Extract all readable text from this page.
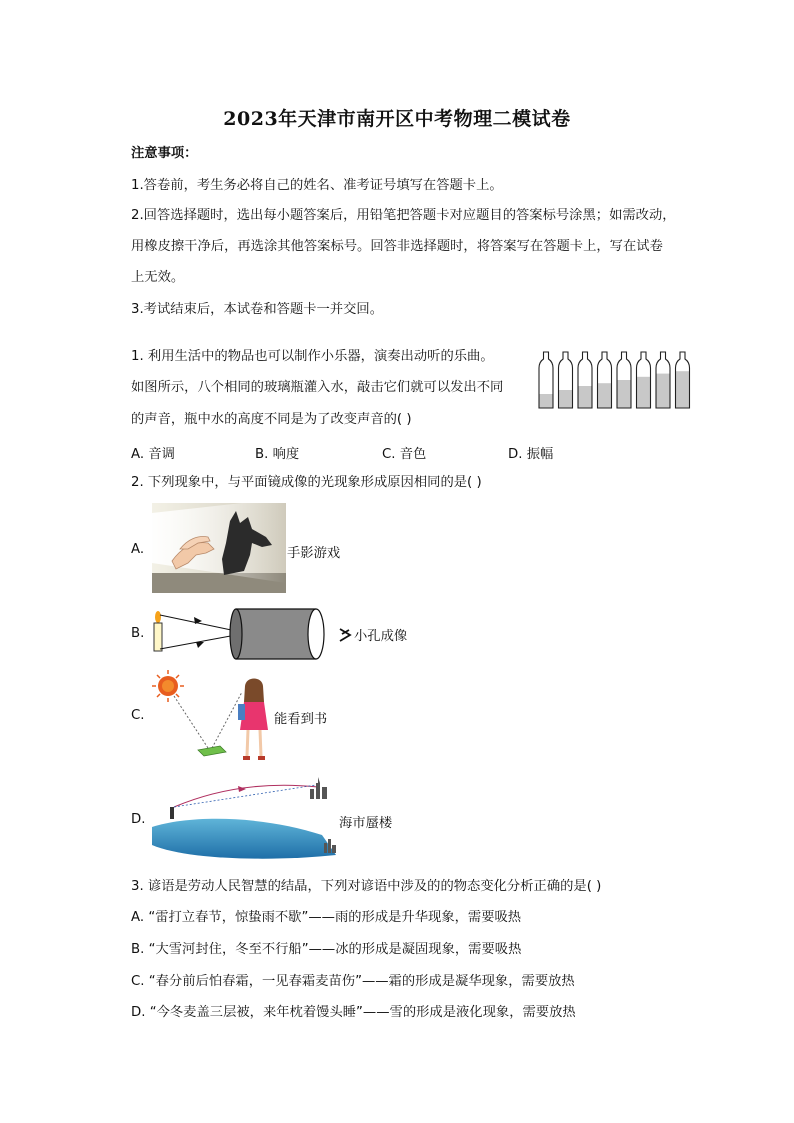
2023年天津市南开区中考物理二模试卷
注意事项：
1.答卷前，考生务必将自己的姓名、准考证号填写在答题卡上。
2.回答选择题时，选出每小题答案后，用铅笔把答题卡对应题目的答案标号涂黑；如需改动，
用橡皮擦干净后，再选涂其他答案标号。回答非选择题时，将答案写在答题卡上，写在试卷
上无效。
3.考试结束后，本试卷和答题卡一并交回。
1. 利用生活中的物品也可以制作小乐器，演奏出动听的乐曲。
如图所示，八个相同的玻璃瓶灌入水，敲击它们就可以发出不同
的声音，瓶中水的高度不同是为了改变声音的( )
A. 音调	B. 响度	C. 音色	D. 振幅
2. 下列现象中，与平面镜成像的光现象形成原因相同的是( )
A.	手影游戏
B.	小孔成像
C.	能看到书
D.	海市蜃楼
3. 谚语是劳动人民智慧的结晶，下列对谚语中涉及的的物态变化分析正确的是( )
A. “雷打立春节，惊蛰雨不歇”——雨的形成是升华现象，需要吸热
B. “大雪河封住，冬至不行船”——冰的形成是凝固现象，需要吸热
C. “春分前后怕春霜，一见春霜麦苗伤”——霜的形成是凝华现象，需要放热
D. “今冬麦盖三层被，来年枕着馒头睡”——雪的形成是液化现象，需要放热
